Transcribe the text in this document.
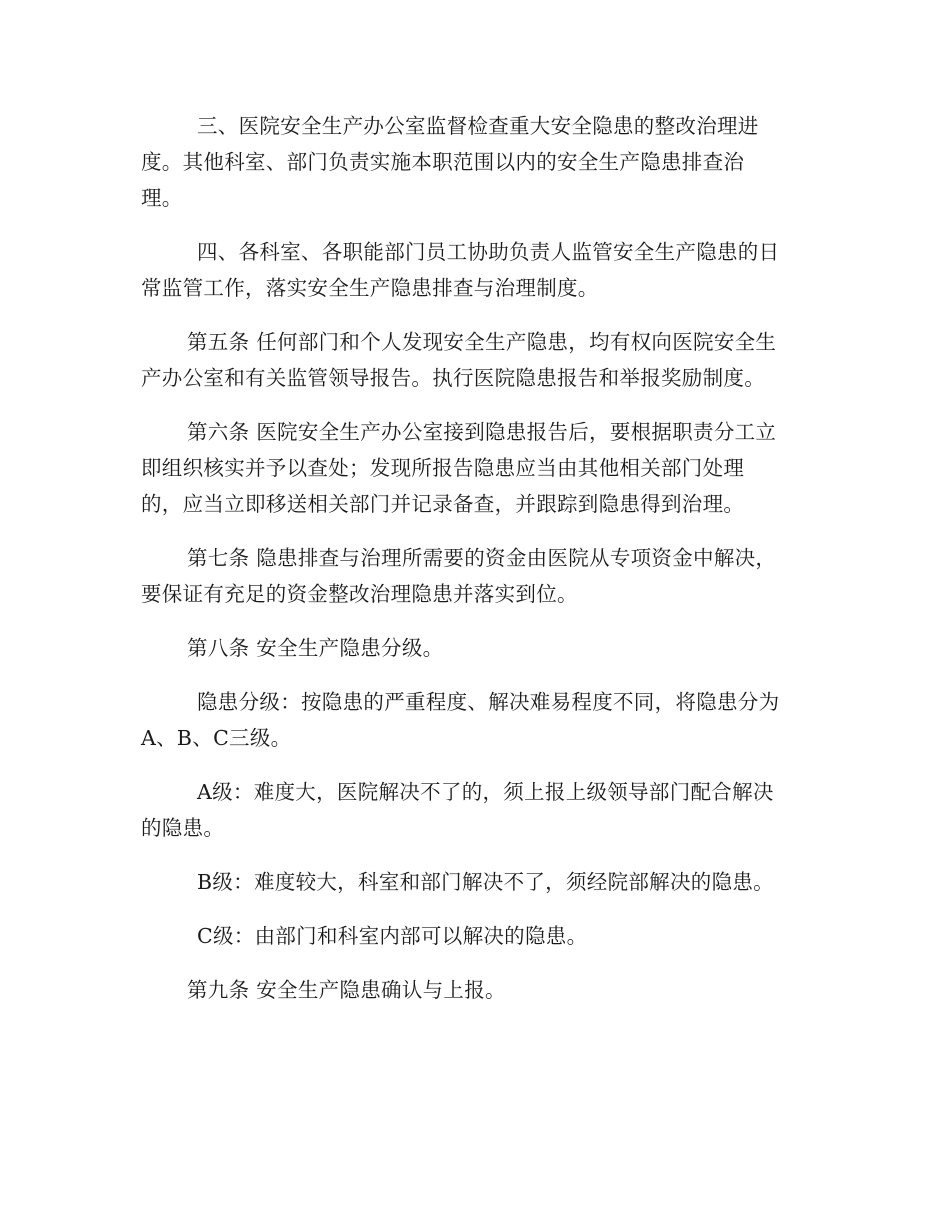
三、医院安全生产办公室监督检查重大安全隐患的整改治理进
度。其他科室、部门负责实施本职范围以内的安全生产隐患排查治
理。

四、各科室、各职能部门员工协助负责人监管安全生产隐患的日
常监管工作，落实安全生产隐患排查与治理制度。

第五条 任何部门和个人发现安全生产隐患，均有权向医院安全生
产办公室和有关监管领导报告。执行医院隐患报告和举报奖励制度。

第六条 医院安全生产办公室接到隐患报告后，要根据职责分工立
即组织核实并予以查处；发现所报告隐患应当由其他相关部门处理
的，应当立即移送相关部门并记录备查，并跟踪到隐患得到治理。

第七条 隐患排查与治理所需要的资金由医院从专项资金中解决，
要保证有充足的资金整改治理隐患并落实到位。

第八条 安全生产隐患分级。

隐患分级：按隐患的严重程度、解决难易程度不同，将隐患分为
A、B、C三级。

A级：难度大，医院解决不了的，须上报上级领导部门配合解决
的隐患。

B级：难度较大，科室和部门解决不了，须经院部解决的隐患。

C级：由部门和科室内部可以解决的隐患。

第九条 安全生产隐患确认与上报。
